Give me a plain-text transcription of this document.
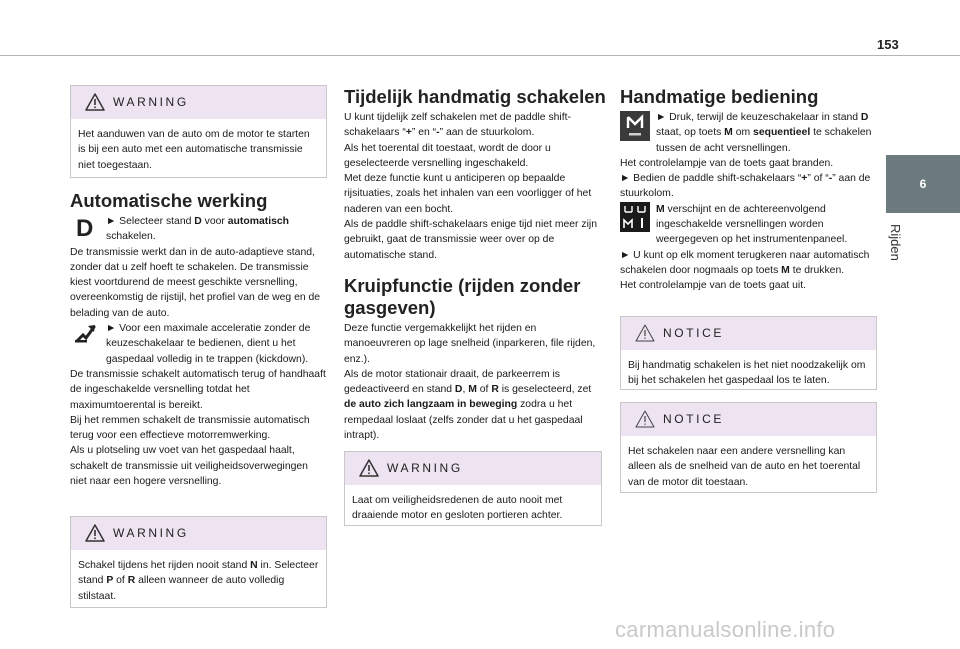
153
6
Rijden
WARNING
Het aanduwen van de auto om de motor te starten is bij een auto met een automatische transmissie niet toegestaan.
Automatische werking
D	► Selecteer stand D voor automatisch schakelen.

De transmissie werkt dan in de auto-adaptieve stand, zonder dat u zelf hoeft te schakelen. De transmissie kiest voortdurend de meest geschikte versnelling, overeenkomstig de rijstijl, het profiel van de weg en de belading van de auto.

► Voor een maximale acceleratie zonder de keuzeschakelaar te bedienen, dient u het gaspedaal volledig in te trappen (kickdown).

De transmissie schakelt automatisch terug of handhaaft de ingeschakelde versnelling totdat het maximumtoerental is bereikt.

Bij het remmen schakelt de transmissie automatisch terug voor een effectieve motorremwerking.

Als u plotseling uw voet van het gaspedaal haalt, schakelt de transmissie uit veiligheidsoverwegingen niet naar een hogere versnelling.

WARNING
Schakel tijdens het rijden nooit stand N in. Selecteer stand P of R alleen wanneer de auto volledig stilstaat.
Tijdelijk handmatig schakelen

U kunt tijdelijk zelf schakelen met de paddle shift-schakelaars “+” en “-” aan de stuurkolom.

Als het toerental dit toestaat, wordt de door u geselecteerde versnelling ingeschakeld.

Met deze functie kunt u anticiperen op bepaalde rijsituaties, zoals het inhalen van een voorligger of het naderen van een bocht.

Als de paddle shift-schakelaars enige tijd niet meer zijn gebruikt, gaat de transmissie weer over op de automatische stand.

Kruipfunctie (rijden zonder
gasgeven)

Deze functie vergemakkelijkt het rijden en manoeuvreren op lage snelheid (inparkeren, file rijden, enz.).

Als de motor stationair draait, de parkeerrem is gedeactiveerd en stand D, M of R is geselecteerd, zet de auto zich langzaam in beweging zodra u het rempedaal loslaat (zelfs zonder dat u het gaspedaal intrapt).

WARNING
Laat om veiligheidsredenen de auto nooit met draaiende motor en gesloten portieren achter.
Handmatige bediening

► Druk, terwijl de keuzeschakelaar in stand D staat, op toets M om sequentieel te schakelen tussen de acht versnellingen.

Het controlelampje van de toets gaat branden.

► Bedien de paddle shift-schakelaars “+” of “-” aan de stuurkolom.

M verschijnt en de achtereenvolgend ingeschakelde versnellingen worden weergegeven op het instrumentenpaneel.

► U kunt op elk moment terugkeren naar automatisch schakelen door nogmaals op toets M te drukken.

Het controlelampje van de toets gaat uit.

NOTICE
Bij handmatig schakelen is het niet noodzakelijk om bij het schakelen het gaspedaal los te laten.
NOTICE
Het schakelen naar een andere versnelling kan alleen als de snelheid van de auto en het toerental van de motor dit toestaan.
carmanualsonline.info
